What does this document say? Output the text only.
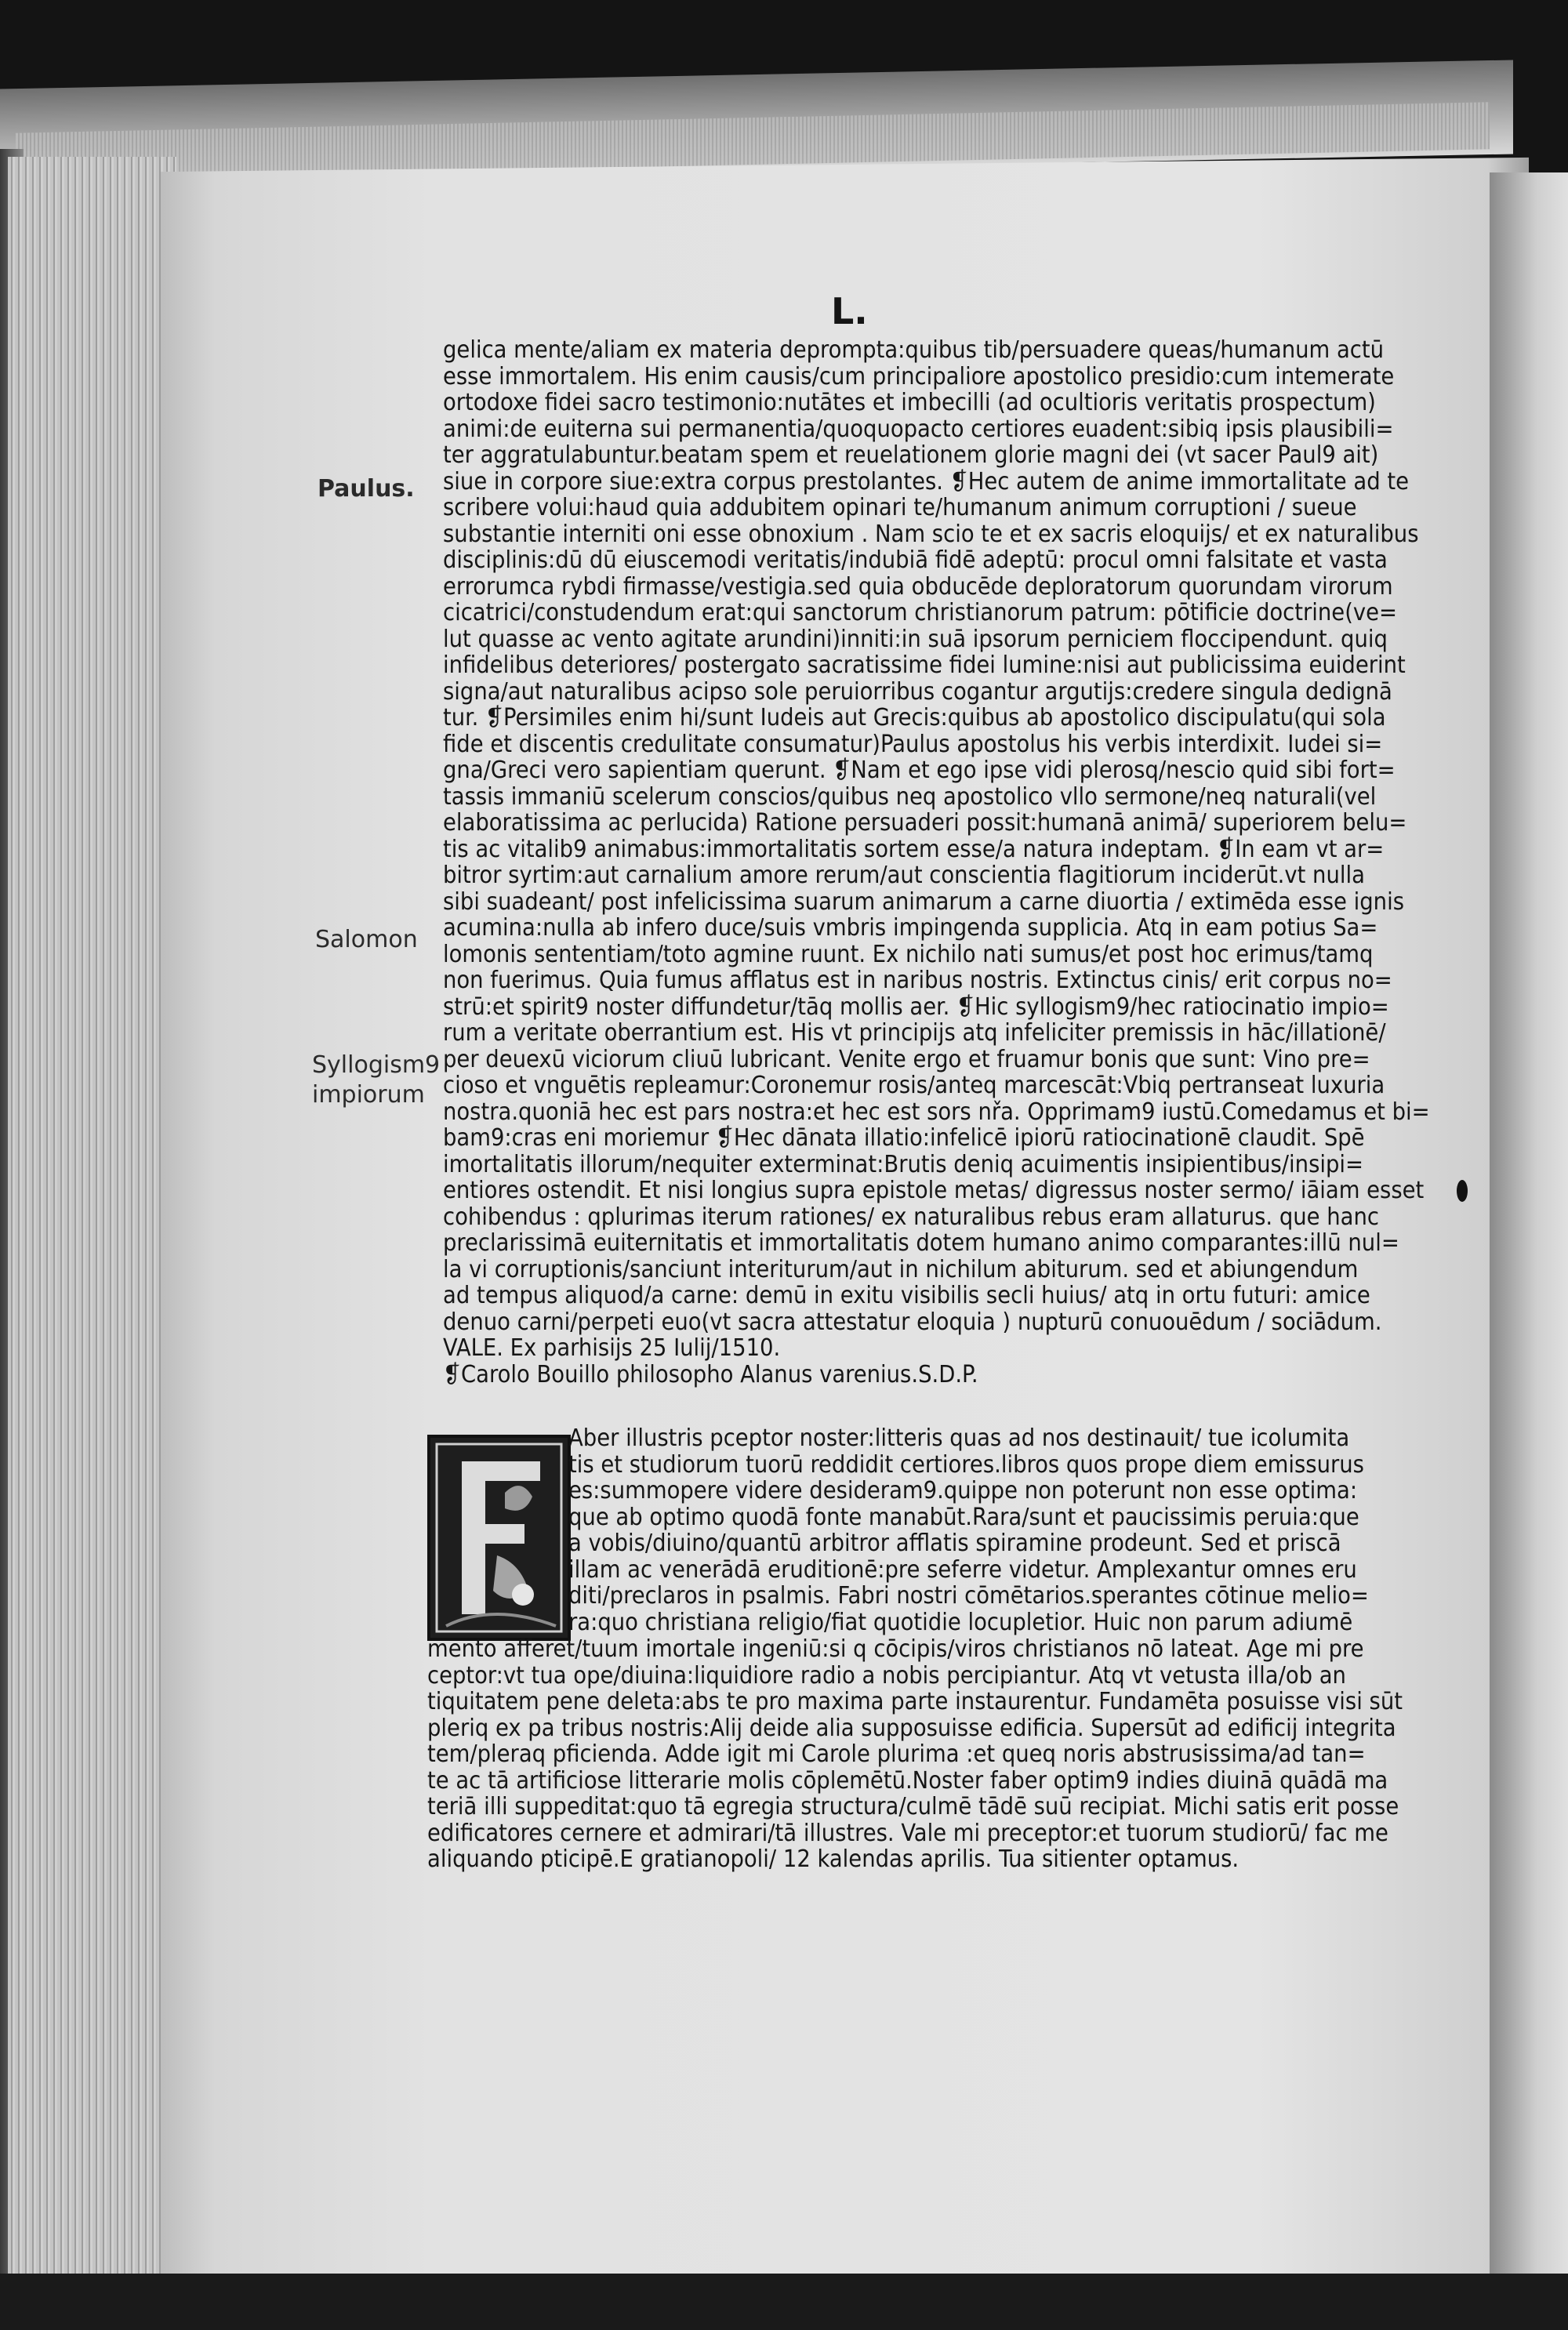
L.
Paulus.
Salomon
Syllogism9
impiorum
gelica mente/aliam ex materia deprompta:quibus tib/persuadere queas/humanum actū
esse immortalem. His enim causis/cum principaliore apostolico presidio:cum intemerate
ortodoxe fidei sacro testimonio:nutātes et imbecilli (ad ocultioris veritatis prospectum)
animi:de euiterna sui permanentia/quoquopacto certiores euadent:sibiq ipsis plausibili=
ter aggratulabuntur.beatam spem et reuelationem glorie magni dei (vt sacer Paul9 ait)
siue in corpore siue:extra corpus prestolantes. ❡Hec autem de anime immortalitate ad te
scribere volui:haud quia addubitem opinari te/humanum animum corruptioni / sueue
substantie interniti oni esse obnoxium . Nam scio te et ex sacris eloquijs/ et ex naturalibus
disciplinis:dū dū eiuscemodi veritatis/indubiā fidē adeptū: procul omni falsitate et vasta
errorumca rybdi firmasse/vestigia.sed quia obducēde deploratorum quorundam virorum
cicatrici/constudendum erat:qui sanctorum christianorum patrum: pōtificie doctrine(ve=
lut quasse ac vento agitate arundini)inniti:in suā ipsorum perniciem floccipendunt. quiq
infidelibus deteriores/ postergato sacratissime fidei lumine:nisi aut publicissima euiderint
signa/aut naturalibus acipso sole peruiorribus cogantur argutijs:credere singula dedignā
tur. ❡Persimiles enim hi/sunt Iudeis aut Grecis:quibus ab apostolico discipulatu(qui sola
fide et discentis credulitate consumatur)Paulus apostolus his verbis interdixit. Iudei si=
gna/Greci vero sapientiam querunt. ❡Nam et ego ipse vidi plerosq/nescio quid sibi fort=
tassis immaniū scelerum conscios/quibus neq apostolico vllo sermone/neq naturali(vel
elaboratissima ac perlucida) Ratione persuaderi possit:humanā animā/ superiorem belu=
tis ac vitalib9 animabus:immortalitatis sortem esse/a natura indeptam. ❡In eam vt ar=
bitror syrtim:aut carnalium amore rerum/aut conscientia flagitiorum inciderūt.vt nulla
sibi suadeant/ post infelicissima suarum animarum a carne diuortia / extimēda esse ignis
acumina:nulla ab infero duce/suis vmbris impingenda supplicia. Atq in eam potius Sa=
lomonis sententiam/toto agmine ruunt. Ex nichilo nati sumus/et post hoc erimus/tamq
non fuerimus. Quia fumus afflatus est in naribus nostris. Extinctus cinis/ erit corpus no=
strū:et spirit9 noster diffundetur/tāq mollis aer. ❡Hic syllogism9/hec ratiocinatio impio=
rum a veritate oberrantium est. His vt principijs atq infeliciter premissis in hāc/illationē/
per deuexū viciorum cliuū lubricant. Venite ergo et fruamur bonis que sunt: Vino pre=
cioso et vnguētis repleamur:Coronemur rosis/anteq marcescāt:Vbiq pertranseat luxuria
nostra.quoniā hec est pars nostra:et hec est sors nřa. Opprimam9 iustū.Comedamus et bi=
bam9:cras eni moriemur ❡Hec dānata illatio:infelicē ipiorū ratiocinationē claudit. Spē
imortalitatis illorum/nequiter exterminat:Brutis deniq acuimentis insipientibus/insipi=
entiores ostendit. Et nisi longius supra epistole metas/ digressus noster sermo/ iāiam esset
cohibendus : qplurimas iterum rationes/ ex naturalibus rebus eram allaturus. que hanc
preclarissimā euiternitatis et immortalitatis dotem humano animo comparantes:illū nul=
la vi corruptionis/sanciunt interiturum/aut in nichilum abiturum. sed et abiungendum
ad tempus aliquod/a carne: demū in exitu visibilis secli huius/ atq in ortu futuri: amice
denuo carni/perpeti euo(vt sacra attestatur eloquia ) nupturū conuouēdum / sociādum.
VALE. Ex parhisijs 25 Iulij/1510.
❡Carolo Bouillo philosopho Alanus varenius.S.D.P.
Aber illustris pceptor noster:litteris quas ad nos destinauit/ tue icolumita
tis et studiorum tuorū reddidit certiores.libros quos prope diem emissurus
es:summopere videre desideram9.quippe non poterunt non esse optima:
que ab optimo quodā fonte manabūt.Rara/sunt et paucissimis peruia:que
a vobis/diuino/quantū arbitror afflatis spiramine prodeunt. Sed et priscā
illam ac venerādā eruditionē:pre seferre videtur. Amplexantur omnes eru
diti/preclaros in psalmis. Fabri nostri cōmētarios.sperantes cōtinue melio=
ra:quo christiana religio/fiat quotidie locupletior. Huic non parum adiumē
mento afferet/tuum imortale ingeniū:si q cōcipis/viros christianos nō lateat. Age mi pre
ceptor:vt tua ope/diuina:liquidiore radio a nobis percipiantur. Atq vt vetusta illa/ob an
tiquitatem pene deleta:abs te pro maxima parte instaurentur. Fundamēta posuisse visi sūt
pleriq ex pa tribus nostris:Alij deide alia supposuisse edificia. Supersūt ad edificij integrita
tem/pleraq pficienda. Adde igit mi Carole plurima :et queq noris abstrusissima/ad tan=
te ac tā artificiose litterarie molis cōplemētū.Noster faber optim9 indies diuinā quādā ma
teriā illi suppeditat:quo tā egregia structura/culmē tādē suū recipiat. Michi satis erit posse
edificatores cernere et admirari/tā illustres. Vale mi preceptor:et tuorum studiorū/ fac me
aliquando pticipē.E gratianopoli/ 12 kalendas aprilis. Tua sitienter optamus.
